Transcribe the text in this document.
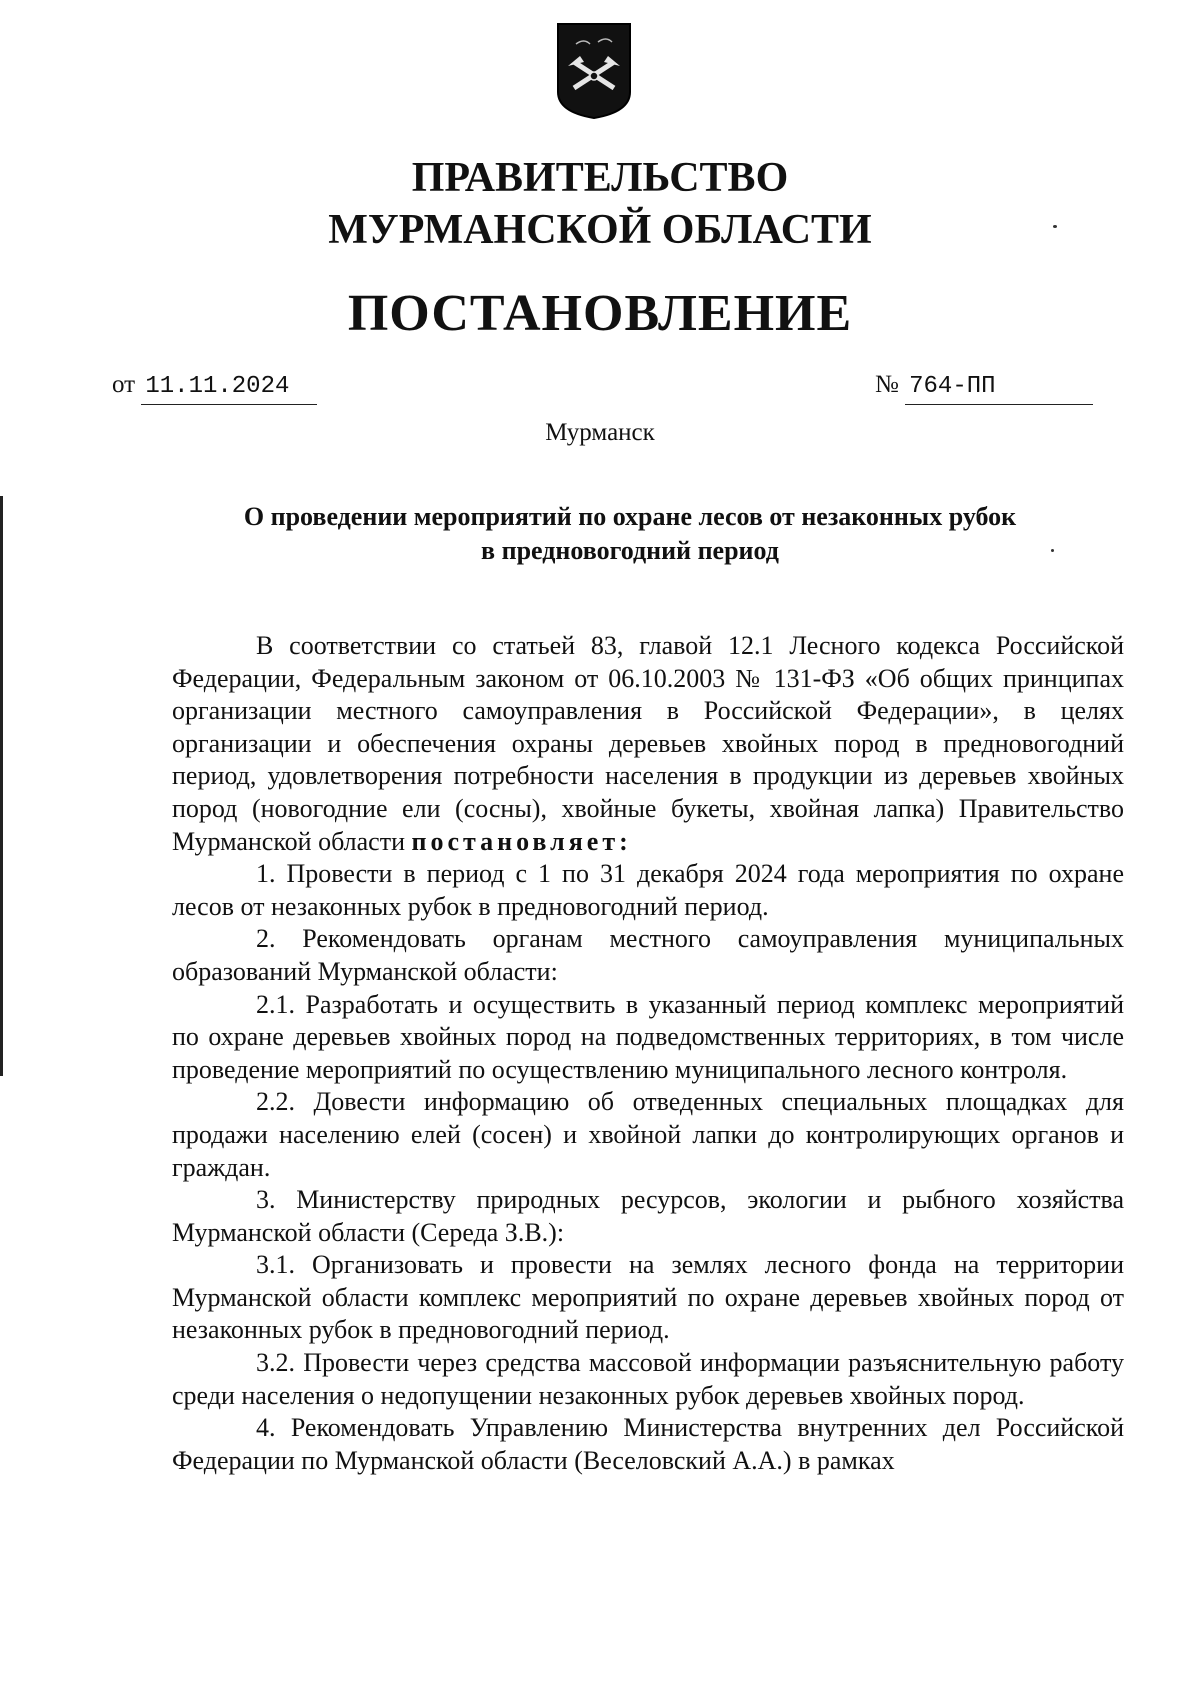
ПРАВИТЕЛЬСТВО
МУРМАНСКОЙ ОБЛАСТИ
ПОСТАНОВЛЕНИЕ
от 11.11.2024	№ 764-ПП
Мурманск
О проведении мероприятий по охране лесов от незаконных рубок
в предновогодний период

В соответствии со статьей 83, главой 12.1 Лесного кодекса Российской Федерации, Федеральным законом от 06.10.2003 № 131-ФЗ «Об общих принципах организации местного самоуправления в Российской Федерации», в целях организации и обеспечения охраны деревьев хвойных пород в предновогодний период, удовлетворения потребности населения в продукции из деревьев хвойных пород (новогодние ели (сосны), хвойные букеты, хвойная лапка) Правительство Мурманской области постановляет:

1. Провести в период с 1 по 31 декабря 2024 года мероприятия по охране лесов от незаконных рубок в предновогодний период.

2. Рекомендовать органам местного самоуправления муниципальных образований Мурманской области:

2.1. Разработать и осуществить в указанный период комплекс мероприятий по охране деревьев хвойных пород на подведомственных территориях, в том числе проведение мероприятий по осуществлению муниципального лесного контроля.

2.2. Довести информацию об отведенных специальных площадках для продажи населению елей (сосен) и хвойной лапки до контролирующих органов и граждан.

3. Министерству природных ресурсов, экологии и рыбного хозяйства Мурманской области (Середа З.В.):

3.1. Организовать и провести на землях лесного фонда на территории Мурманской области комплекс мероприятий по охране деревьев хвойных пород от незаконных рубок в предновогодний период.

3.2. Провести через средства массовой информации разъяснительную работу среди населения о недопущении незаконных рубок деревьев хвойных пород.

4. Рекомендовать Управлению Министерства внутренних дел Российской Федерации по Мурманской области (Веселовский А.А.) в рамках
